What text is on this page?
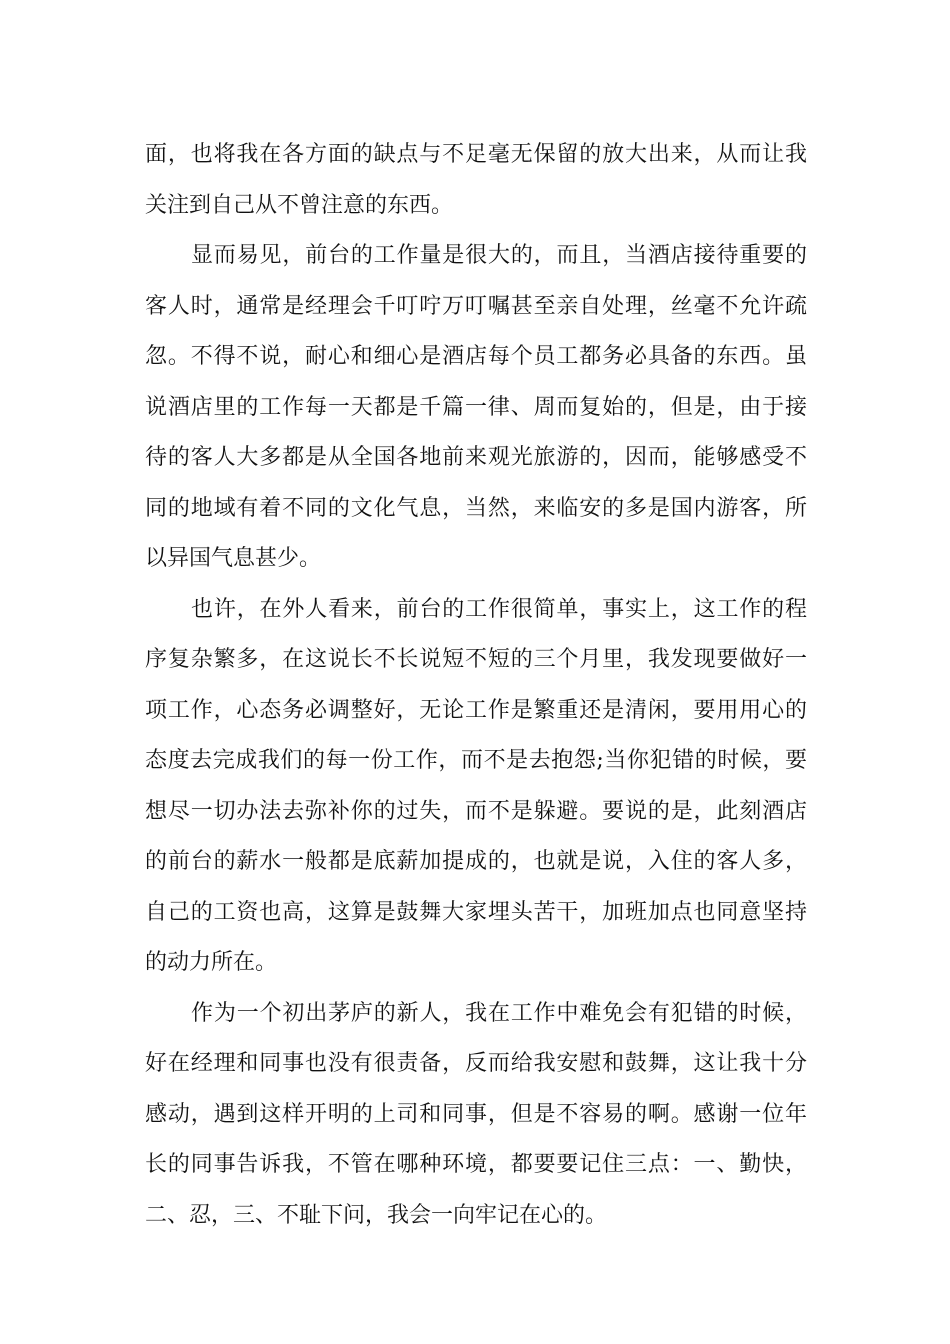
面，也将我在各方面的缺点与不足毫无保留的放大出来，从而让我
关注到自己从不曾注意的东西。
显而易见，前台的工作量是很大的，而且，当酒店接待重要的
客人时，通常是经理会千叮咛万叮嘱甚至亲自处理，丝毫不允许疏
忽。不得不说，耐心和细心是酒店每个员工都务必具备的东西。虽
说酒店里的工作每一天都是千篇一律、周而复始的，但是，由于接
待的客人大多都是从全国各地前来观光旅游的，因而，能够感受不
同的地域有着不同的文化气息，当然，来临安的多是国内游客，所
以异国气息甚少。
也许，在外人看来，前台的工作很简单，事实上，这工作的程
序复杂繁多，在这说长不长说短不短的三个月里，我发现要做好一
项工作，心态务必调整好，无论工作是繁重还是清闲，要用用心的
态度去完成我们的每一份工作，而不是去抱怨;当你犯错的时候，要
想尽一切办法去弥补你的过失，而不是躲避。要说的是，此刻酒店
的前台的薪水一般都是底薪加提成的，也就是说，入住的客人多，
自己的工资也高，这算是鼓舞大家埋头苦干，加班加点也同意坚持
的动力所在。
作为一个初出茅庐的新人，我在工作中难免会有犯错的时候，
好在经理和同事也没有很责备，反而给我安慰和鼓舞，这让我十分
感动，遇到这样开明的上司和同事，但是不容易的啊。感谢一位年
长的同事告诉我，不管在哪种环境，都要要记住三点：一、勤快，
二、忍，三、不耻下问，我会一向牢记在心的。
